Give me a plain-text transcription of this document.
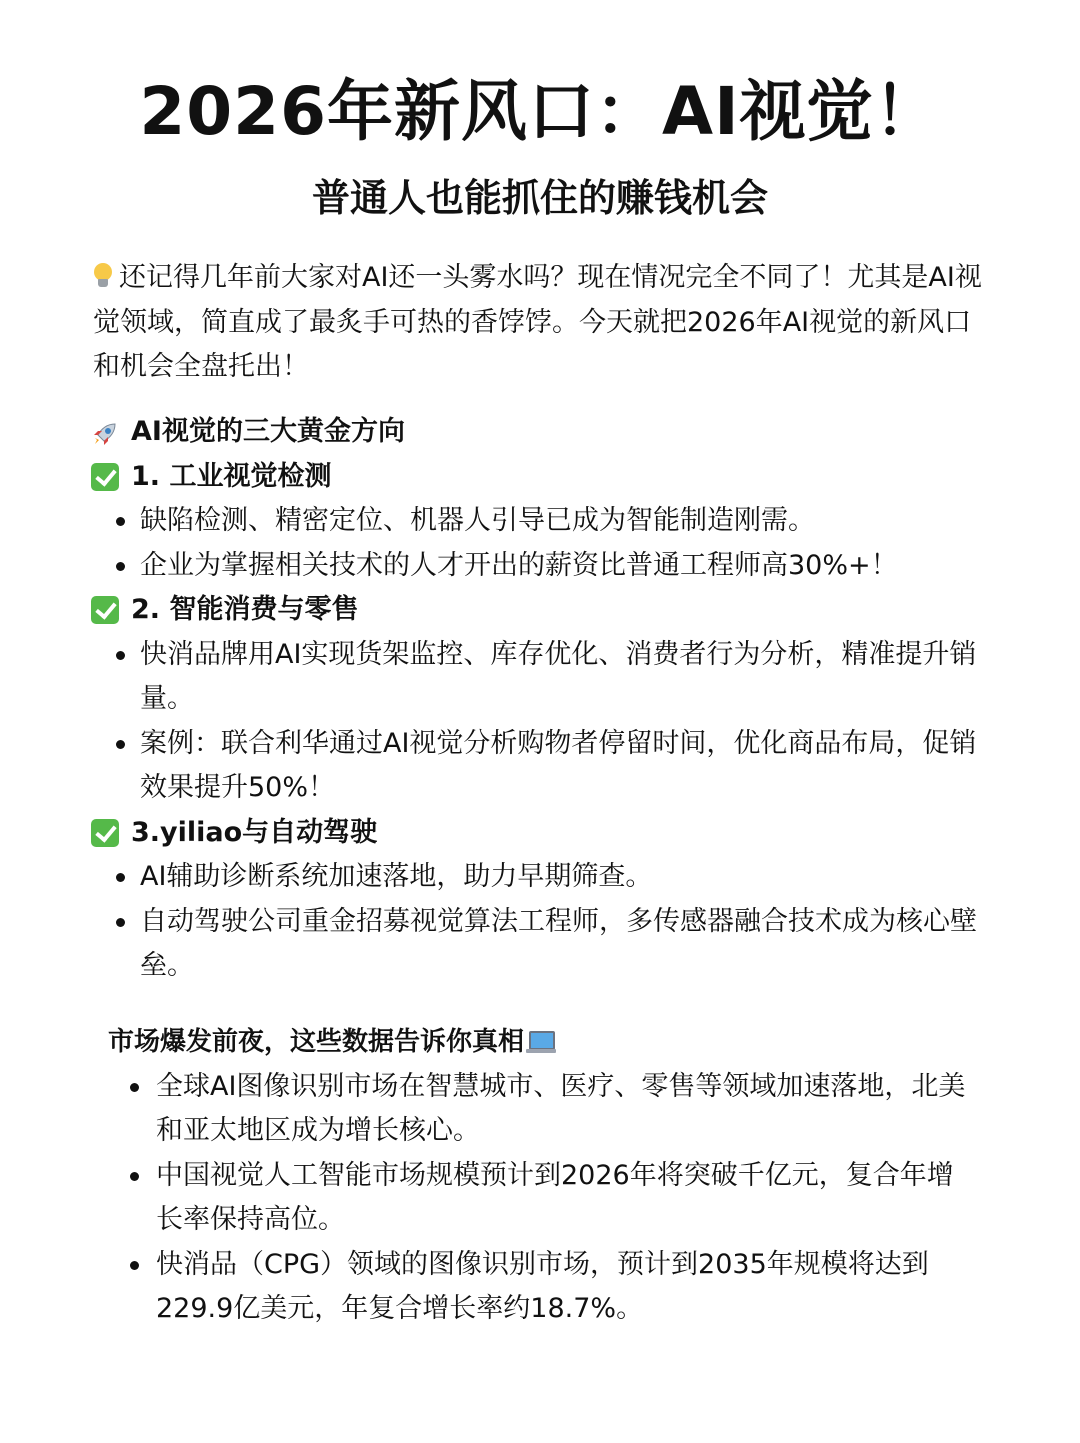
2026年新风口：AI视觉！
普通人也能抓住的赚钱机会

还记得几年前大家对AI还一头雾水吗？现在情况完全不同了！尤其是AI视觉领域，简直成了最炙手可热的香饽饽。今天就把2026年AI视觉的新风口和机会全盘托出！

AI视觉的三大黄金方向
1. 工业视觉检测
缺陷检测、精密定位、机器人引导已成为智能制造刚需。
企业为掌握相关技术的人才开出的薪资比普通工程师高30%+！
2. 智能消费与零售
快消品牌用AI实现货架监控、库存优化、消费者行为分析，精准提升销量。
案例：联合利华通过AI视觉分析购物者停留时间，优化商品布局，促销效果提升50%！
3.yiliao与自动驾驶
AI辅助诊断系统加速落地，助力早期筛查。
自动驾驶公司重金招募视觉算法工程师，多传感器融合技术成为核心壁垒。
市场爆发前夜，这些数据告诉你真相
全球AI图像识别市场在智慧城市、医疗、零售等领域加速落地，北美和亚太地区成为增长核心。
中国视觉人工智能市场规模预计到2026年将突破千亿元，复合年增长率保持高位。
快消品（CPG）领域的图像识别市场，预计到2035年规模将达到229.9亿美元，年复合增长率约18.7%。
